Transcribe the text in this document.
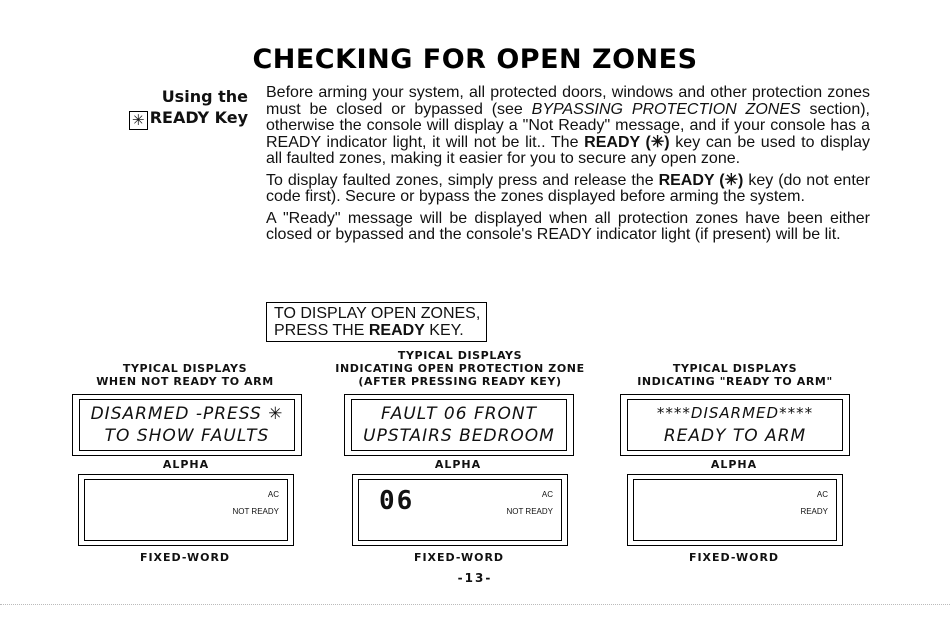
CHECKING FOR OPEN ZONES
Using the
✳ READY Key

Before arming your system, all protected doors, windows and other protection zones must be closed or bypassed (see BYPASSING PROTECTION ZONES section), otherwise the console will display a "Not Ready" message, and if your console has a READY indicator light, it will not be lit.. The READY (✳) key can be used to display all faulted zones, making it easier for you to secure any open zone.

To display faulted zones, simply press and release the READY (✳) key (do not enter code first). Secure or bypass the zones displayed before arming the system.

A "Ready" message will be displayed when all protection zones have been either closed or bypassed and the console's READY indicator light (if present) will be lit.

TO DISPLAY OPEN ZONES,
PRESS THE READY KEY.
TYPICAL DISPLAYS
WHEN NOT READY TO ARM
DISARMED -PRESS ✳
TO SHOW FAULTS
ALPHA
AC
NOT READY
FIXED-WORD
TYPICAL DISPLAYS
INDICATING OPEN PROTECTION ZONE
(AFTER PRESSING READY KEY)
FAULT 06 FRONT
UPSTAIRS BEDROOM
ALPHA
06	AC
NOT READY
FIXED-WORD
TYPICAL DISPLAYS
INDICATING "READY TO ARM"
****DISARMED****
READY TO ARM
ALPHA
AC
READY
FIXED-WORD
-13-
